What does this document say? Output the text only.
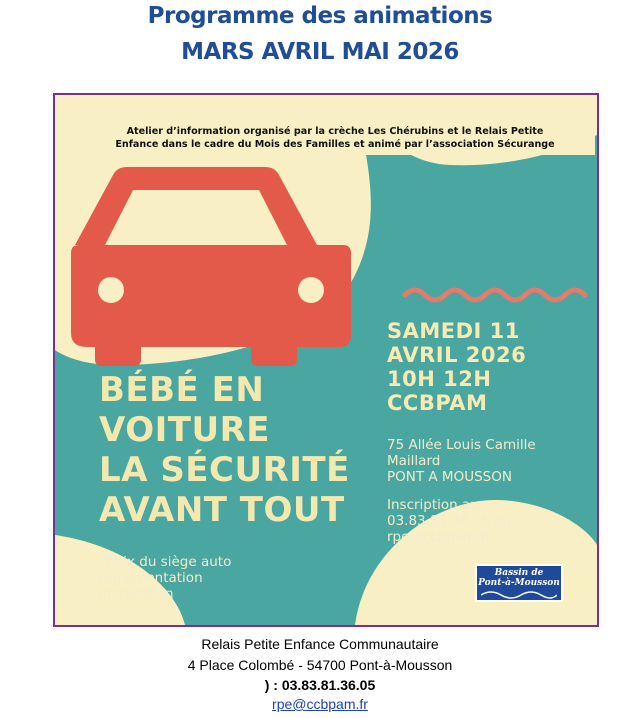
Programme des animations
MARS AVRIL MAI 2026
Atelier d’information organisé par la crèche Les Chérubins et le Relais Petite
Enfance dans le cadre du Mois des Familles et animé par l’association Sécurange
SAMEDI 11
AVRIL 2026
10H 12H
CCBPAM
BÉBÉ EN
VOITURE
LA SÉCURITÉ
AVANT TOUT
75 Allée Louis Camille
Maillard
PONT A MOUSSON
Inscription au
03.83.81.36.05 ou
rpe@ccbpam.fr
choix du siège auto
règlementation
installation
Bassin de
Pont-à-Mousson
Relais Petite Enfance Communautaire
4 Place Colombé - 54700 Pont-à-Mousson
) : 03.83.81.36.05
rpe@ccbpam.fr
